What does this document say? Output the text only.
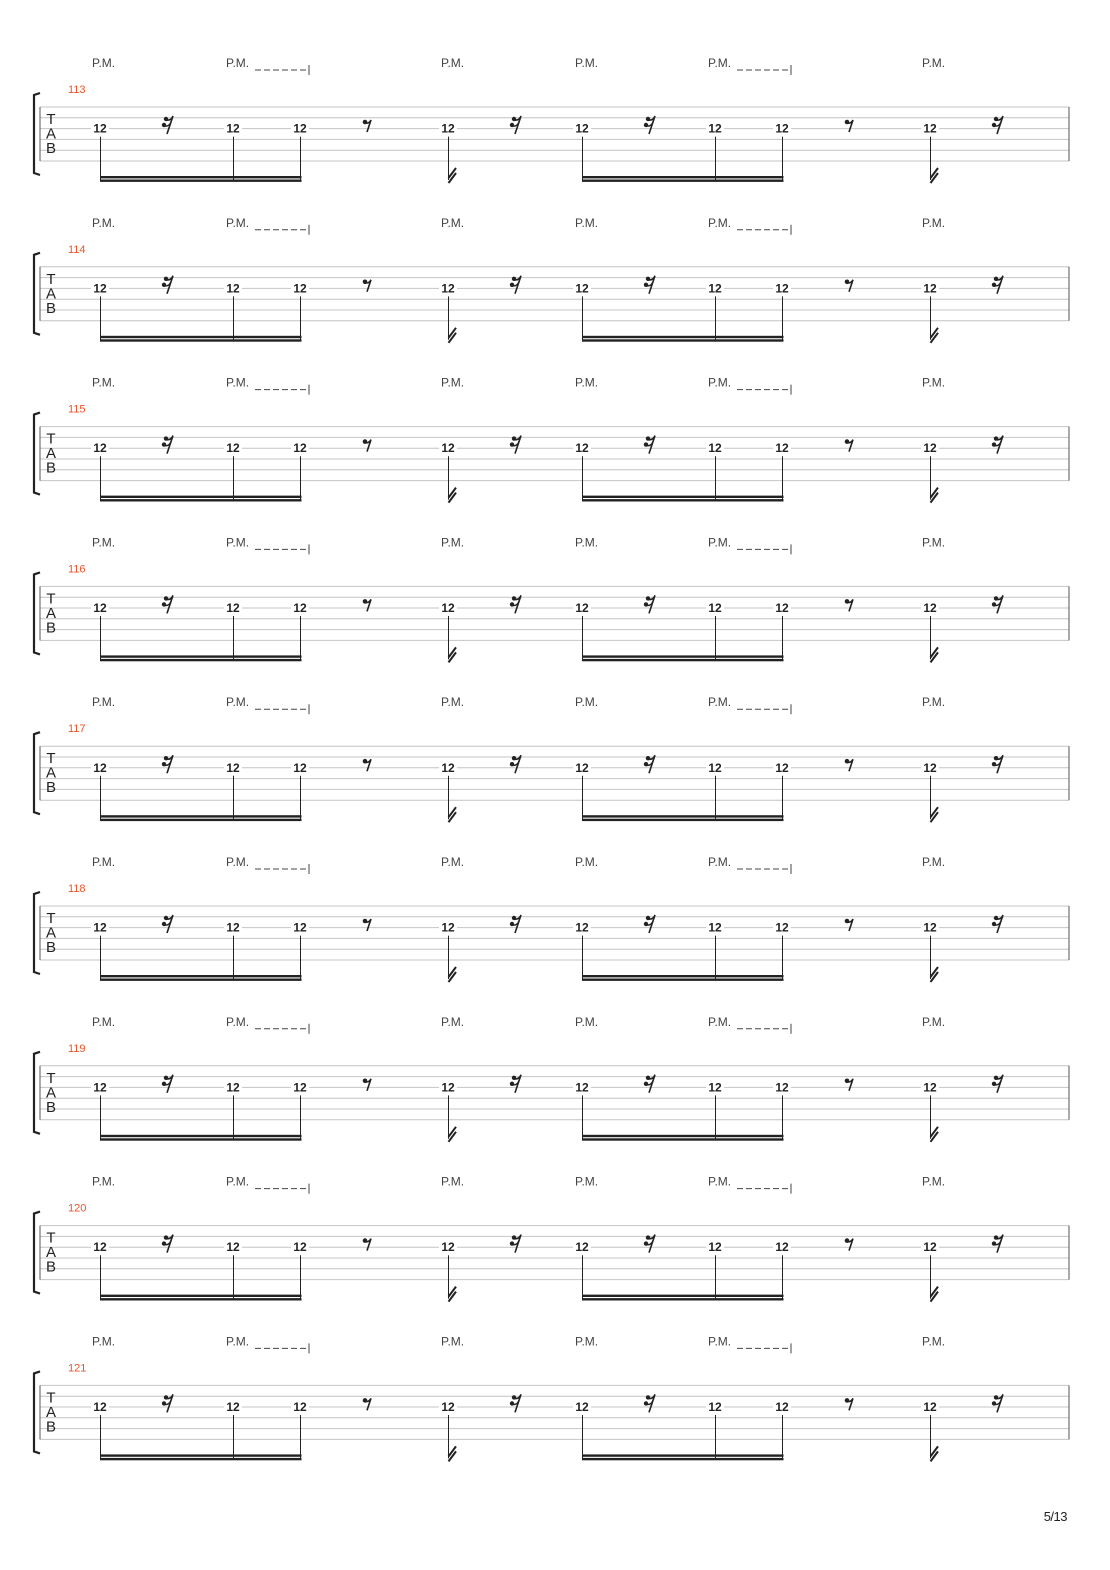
P.M.	P.M.	P.M.	P.M.	P.M.	P.M.
113
T
A
B
12	12	12	12	12	12	12	12
P.M.	P.M.	P.M.	P.M.	P.M.	P.M.
114
T
A
B
12	12	12	12	12	12	12	12
P.M.	P.M.	P.M.	P.M.	P.M.	P.M.
115
T
A
B
12	12	12	12	12	12	12	12
P.M.	P.M.	P.M.	P.M.	P.M.	P.M.
116
T
A
B
12	12	12	12	12	12	12	12
P.M.	P.M.	P.M.	P.M.	P.M.	P.M.
117
T
A
B
12	12	12	12	12	12	12	12
P.M.	P.M.	P.M.	P.M.	P.M.	P.M.
118
T
A
B
12	12	12	12	12	12	12	12
P.M.	P.M.	P.M.	P.M.	P.M.	P.M.
119
T
A
B
12	12	12	12	12	12	12	12
P.M.	P.M.	P.M.	P.M.	P.M.	P.M.
120
T
A
B
12	12	12	12	12	12	12	12
P.M.	P.M.	P.M.	P.M.	P.M.	P.M.
121
T
A
B
12	12	12	12	12	12	12	12
5/13
